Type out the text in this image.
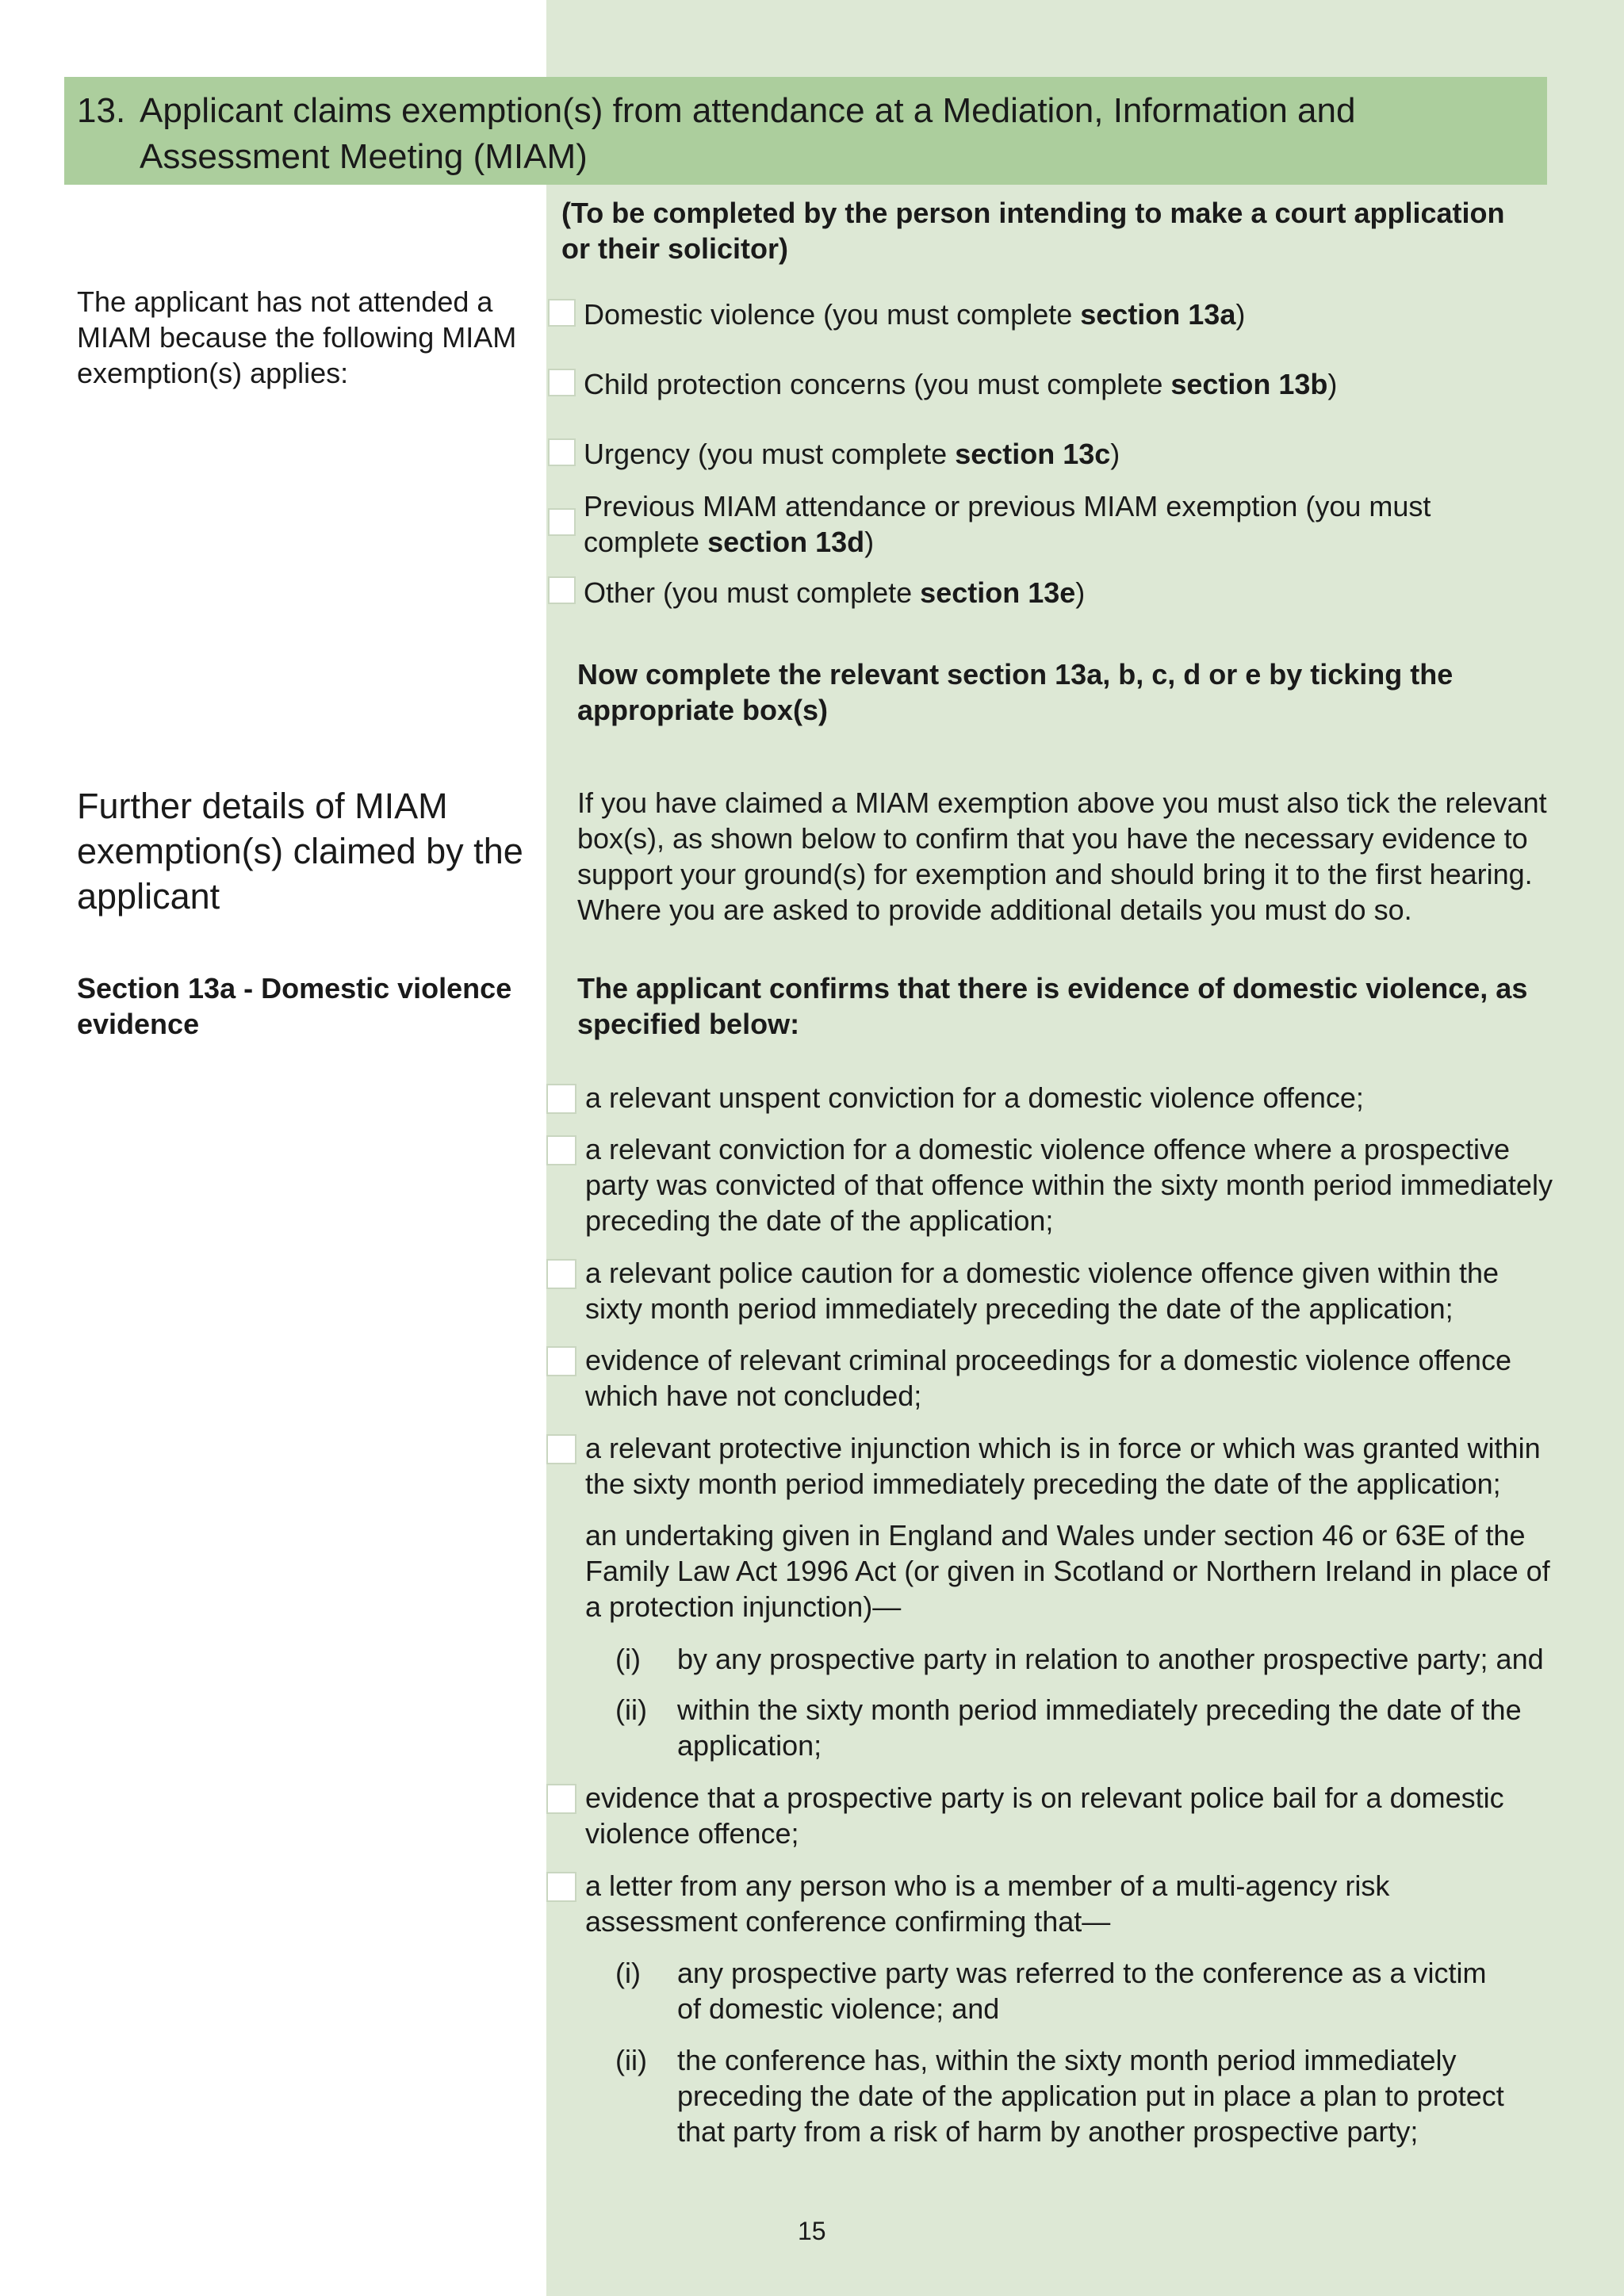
13. Applicant claims exemption(s) from attendance at a Mediation, Information and Assessment Meeting (MIAM)
(To be completed by the person intending to make a court application or their solicitor)
The applicant has not attended a MIAM because the following MIAM exemption(s) applies:
Further details of MIAM exemption(s) claimed by the applicant
Section 13a - Domestic violence evidence
Domestic violence (you must complete section 13a)
Child protection concerns (you must complete section 13b)
Urgency (you must complete section 13c)
Previous MIAM attendance or previous MIAM exemption (you must complete section 13d)
Other (you must complete section 13e)
Now complete the relevant section 13a, b, c, d or e by ticking the appropriate box(s)
If you have claimed a MIAM exemption above you must also tick the relevant box(s), as shown below to confirm that you have the necessary evidence to support your ground(s) for exemption and should bring it to the first hearing. Where you are asked to provide additional details you must do so.
The applicant confirms that there is evidence of domestic violence, as specified below:
a relevant unspent conviction for a domestic violence offence;
a relevant conviction for a domestic violence offence where a prospective party was convicted of that offence within the sixty month period immediately preceding the date of the application;
a relevant police caution for a domestic violence offence given within the sixty month period immediately preceding the date of the application;
evidence of relevant criminal proceedings for a domestic violence offence which have not concluded;
a relevant protective injunction which is in force or which was granted within the sixty month period immediately preceding the date of the application;
an undertaking given in England and Wales under section 46 or 63E of the Family Law Act 1996 Act (or given in Scotland or Northern Ireland in place of a protection injunction)—
(i) by any prospective party in relation to another prospective party; and
(ii) within the sixty month period immediately preceding the date of the application;
evidence that a prospective party is on relevant police bail for a domestic violence offence;
a letter from any person who is a member of a multi-agency risk assessment conference confirming that—
(i) any prospective party was referred to the conference as a victim of domestic violence; and
(ii) the conference has, within the sixty month period immediately preceding the date of the application put in place a plan to protect that party from a risk of harm by another prospective party;
15
